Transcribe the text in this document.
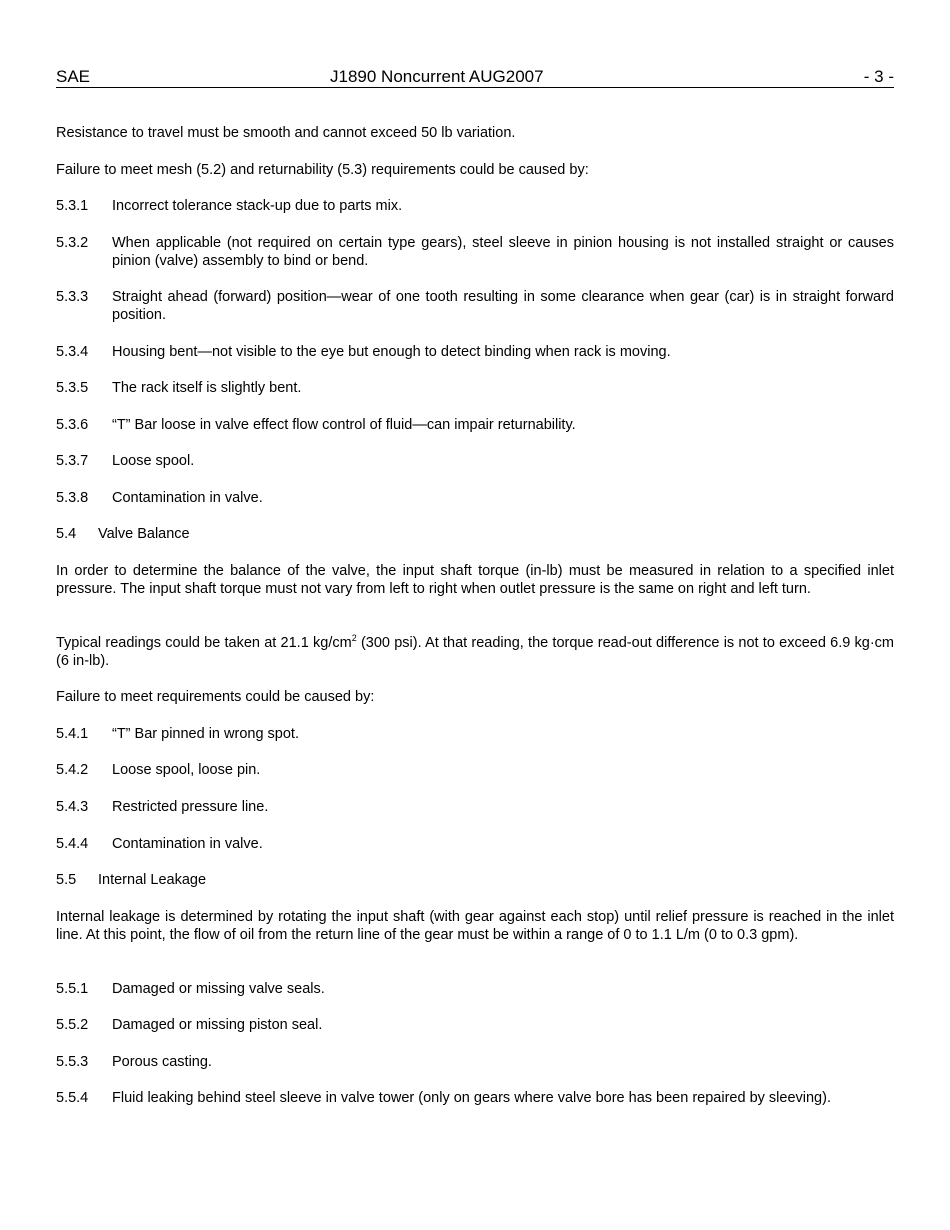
SAE	J1890 Noncurrent AUG2007	- 3 -

Resistance to travel must be smooth and cannot exceed 50 lb variation.

Failure to meet mesh (5.2) and returnability (5.3) requirements could be caused by:

5.3.1 Incorrect tolerance stack-up due to parts mix.
5.3.2 When applicable (not required on certain type gears), steel sleeve in pinion housing is not installed straight or causes pinion (valve) assembly to bind or bend.
5.3.3 Straight ahead (forward) position—wear of one tooth resulting in some clearance when gear (car) is in straight forward position.
5.3.4 Housing bent—not visible to the eye but enough to detect binding when rack is moving.
5.3.5 The rack itself is slightly bent.
5.3.6 “T” Bar loose in valve effect flow control of fluid—can impair returnability.
5.3.7 Loose spool.
5.3.8 Contamination in valve.
5.4 Valve Balance

In order to determine the balance of the valve, the input shaft torque (in-lb) must be measured in relation to a specified inlet pressure. The input shaft torque must not vary from left to right when outlet pressure is the same on right and left turn.

Typical readings could be taken at 21.1 $kg/cm^2$ (300 psi). At that reading, the torque read-out difference is not to exceed 6.9 kg·cm (6 in-lb).

Failure to meet requirements could be caused by:

5.4.1 “T” Bar pinned in wrong spot.
5.4.2 Loose spool, loose pin.
5.4.3 Restricted pressure line.
5.4.4 Contamination in valve.
5.5 Internal Leakage

Internal leakage is determined by rotating the input shaft (with gear against each stop) until relief pressure is reached in the inlet line. At this point, the flow of oil from the return line of the gear must be within a range of 0 to 1.1 L/m (0 to 0.3 gpm).

5.5.1 Damaged or missing valve seals.
5.5.2 Damaged or missing piston seal.
5.5.3 Porous casting.
5.5.4 Fluid leaking behind steel sleeve in valve tower (only on gears where valve bore has been repaired by sleeving).
